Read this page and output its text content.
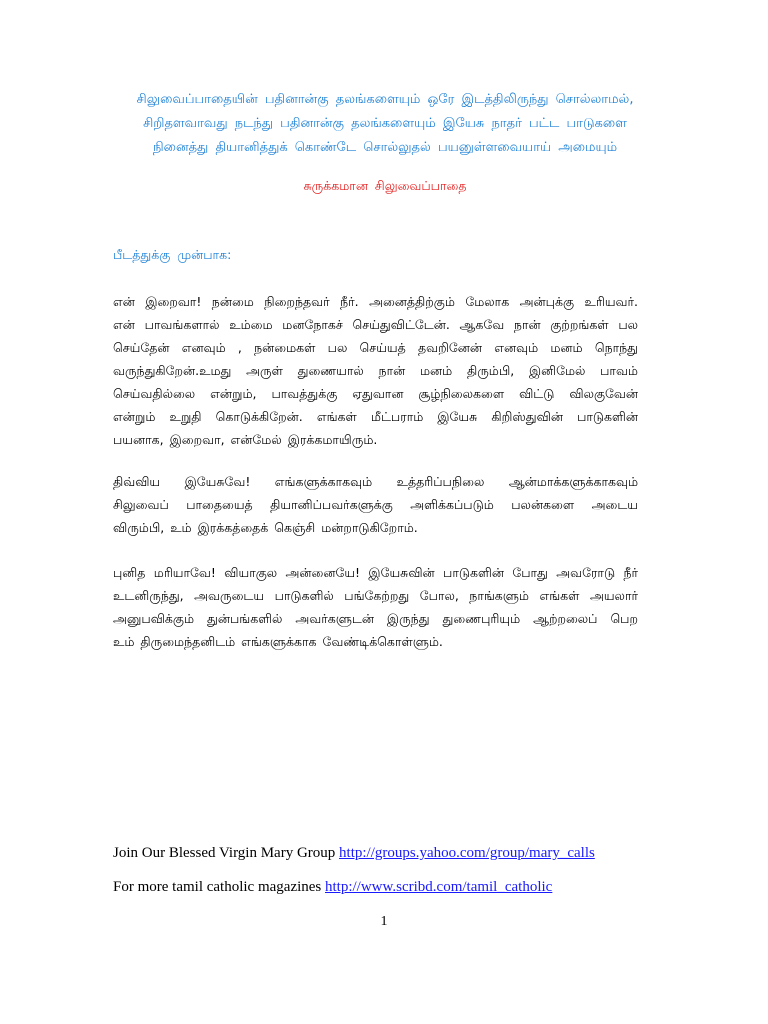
சிலுவைப்பாதையின் பதினான்கு தலங்களையும் ஒரே இடத்திலிருந்து சொல்லாமல்,
சிறிதளவாவது நடந்து பதினான்கு தலங்களையும் இயேசு நாதர் பட்ட பாடுகளை
நினைத்து தியானித்துக் கொண்டே சொல்லுதல் பயனுள்ளவையாய் அமையும்
சுருக்கமான சிலுவைப்பாதை
பீடத்துக்கு முன்பாக:
என் இறைவா! நன்மை நிறைந்தவர் நீர். அனைத்திற்கும் மேலாக அன்புக்கு உரியவர்.
என் பாவங்களால் உம்மை மனநோகச் செய்துவிட்டேன். ஆகவே நான் குற்றங்கள் பல
செய்தேன் எனவும் , நன்மைகள் பல செய்யத் தவறினேன் எனவும் மனம் நொந்து
வருந்துகிறேன்.உமது அருள் துணையால் நான் மனம் திரும்பி, இனிமேல் பாவம்
செய்வதில்லை என்றும், பாவத்துக்கு ஏதுவான சூழ்நிலைகளை விட்டு விலகுவேன்
என்றும் உறுதி கொடுக்கிறேன். எங்கள் மீட்பராம் இயேசு கிறிஸ்துவின் பாடுகளின்
பயனாக, இறைவா, என்மேல் இரக்கமாயிரும்.
திவ்விய இயேசுவே! எங்களுக்காகவும் உத்தரிப்பநிலை ஆன்மாக்களுக்காகவும்
சிலுவைப் பாதையைத் தியானிப்பவர்களுக்கு அளிக்கப்படும் பலன்களை அடைய
விரும்பி, உம் இரக்கத்தைக் கெஞ்சி மன்றாடுகிறோம்.
புனித மரியாவே! வியாகுல அன்னையே! இயேசுவின் பாடுகளின் போது அவரோடு நீர்
உடனிருந்து, அவருடைய பாடுகளில் பங்கேற்றது போல, நாங்களும் எங்கள் அயலார்
அனுபவிக்கும் துன்பங்களில் அவர்களுடன் இருந்து துணைபுரியும் ஆற்றலைப் பெற
உம் திருமைந்தனிடம் எங்களுக்காக வேண்டிக்கொள்ளும்.
Join Our Blessed Virgin Mary Group http://groups.yahoo.com/group/mary_calls
For more tamil catholic magazines http://www.scribd.com/tamil_catholic
1
